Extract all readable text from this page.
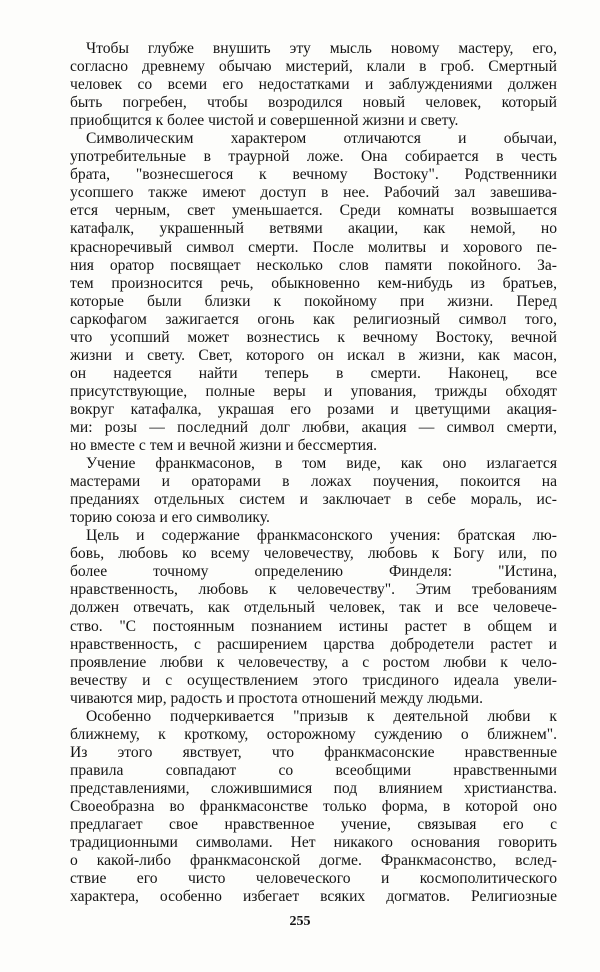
Чтобы глубже внушить эту мысль новому мастеру, его,
согласно древнему обычаю мистерий, клали в гроб. Смертный
человек со всеми его недостатками и заблуждениями должен
быть погребен, чтобы возродился новый человек, который
приобщится к более чистой и совершенной жизни и свету.
Символическим характером отличаются и обычаи,
употребительные в траурной ложе. Она собирается в честь
брата, "вознесшегося к вечному Востоку". Родственники
усопшего также имеют доступ в нее. Рабочий зал завешива-
ется черным, свет уменьшается. Среди комнаты возвышается
катафалк, украшенный ветвями акации, как немой, но
красноречивый символ смерти. После молитвы и хорового пе-
ния оратор посвящает несколько слов памяти покойного. За-
тем произносится речь, обыкновенно кем-нибудь из братьев,
которые были близки к покойному при жизни. Перед
саркофагом зажигается огонь как религиозный символ того,
что усопший может вознестись к вечному Востоку, вечной
жизни и свету. Свет, которого он искал в жизни, как масон,
он надеется найти теперь в смерти. Наконец, все
присутствующие, полные веры и упования, трижды обходят
вокруг катафалка, украшая его розами и цветущими акация-
ми: розы — последний долг любви, акация — символ смерти,
но вместе с тем и вечной жизни и бессмертия.
Учение франкмасонов, в том виде, как оно излагается
мастерами и ораторами в ложах поучения, покоится на
преданиях отдельных систем и заключает в себе мораль, ис-
торию союза и его символику.
Цель и содержание франкмасонского учения: братская лю-
бовь, любовь ко всему человечеству, любовь к Богу или, по
более точному определению Финделя: "Истина,
нравственность, любовь к человечеству". Этим требованиям
должен отвечать, как отдельный человек, так и все человече-
ство. "С постоянным познанием истины растет в общем и
нравственность, с расширением царства добродетели растет и
проявление любви к человечеству, а с ростом любви к чело-
вечеству и с осуществлением этого трисдиного идеала увели-
чиваются мир, радость и простота отношений между людьми.
Особенно подчеркивается "призыв к деятельной любви к
ближнему, к кроткому, осторожному суждению о ближнем".
Из этого явствует, что франкмасонские нравственные
правила совпадают со всеобщими нравственными
представлениями, сложившимися под влиянием христианства.
Своеобразна во франкмасонстве только форма, в которой оно
предлагает свое нравственное учение, связывая его с
традиционными символами. Нет никакого основания говорить
о какой-либо франкмасонской догме. Франкмасонство, вслед-
ствие его чисто человеческого и космополитического
характера, особенно избегает всяких догматов. Религиозные
255
